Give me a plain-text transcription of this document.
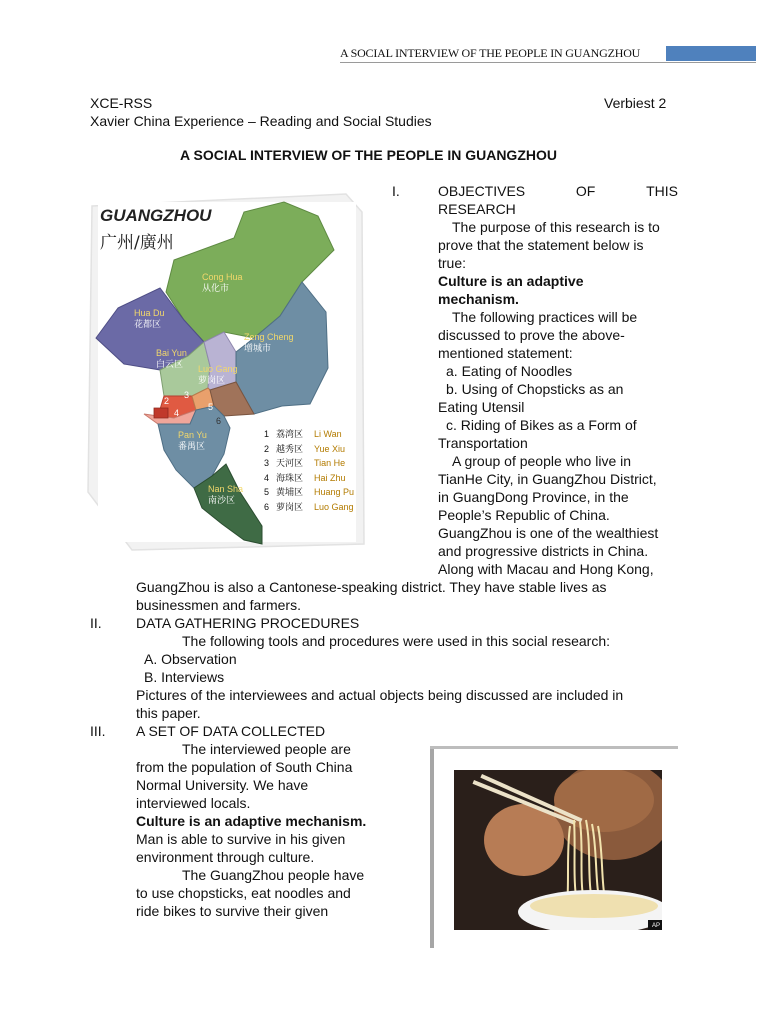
A SOCIAL INTERVIEW OF THE PEOPLE IN GUANGZHOU
XCE-RSS	Verbiest 2
Xavier China Experience – Reading and Social Studies
A SOCIAL INTERVIEW OF THE PEOPLE IN GUANGZHOU
GUANGZHOU
广州/廣州
Cong Hua
从化市
Hua Du
花都区
Bai Yun
白云区	Luo Gang
萝岗区
Zeng Cheng
增城市
Pan Yu
番禺区
Nan Sha
南沙区
2
3
4
5
6
1 荔湾区 Li Wan
2 越秀区 Yue Xiu
3 天河区 Tian He
4 海珠区 Hai Zhu
5 黄埔区 Huang Pu
6 萝岗区 Luo Gang
I.	OBJECTIVES	OF	THIS
RESEARCH
The purpose of this research is to
prove that the statement below is
true:
Culture is an adaptive
mechanism.
The following practices will be
discussed to prove the above-
mentioned statement:
a. Eating of Noodles
b. Using of Chopsticks as an
Eating Utensil
c. Riding of Bikes as a Form of
Transportation
A group of people who live in
TianHe City, in GuangZhou District,
in GuangDong Province, in the
People’s Republic of China.
GuangZhou is one of the wealthiest
and progressive districts in China.
Along with Macau and Hong Kong,
GuangZhou is also a Cantonese-speaking district. They have stable lives as
businessmen and farmers.
II. DATA GATHERING PROCEDURES
The following tools and procedures were used in this social research:
A. Observation
B. Interviews
Pictures of the interviewees and actual objects being discussed are included in
this paper.
III. A SET OF DATA COLLECTED
The interviewed people are
from the population of South China
Normal University. We have
interviewed locals.
Culture is an adaptive mechanism.
Man is able to survive in his given
environment through culture.
The GuangZhou people have
to use chopsticks, eat noodles and
ride bikes to survive their given
AP
